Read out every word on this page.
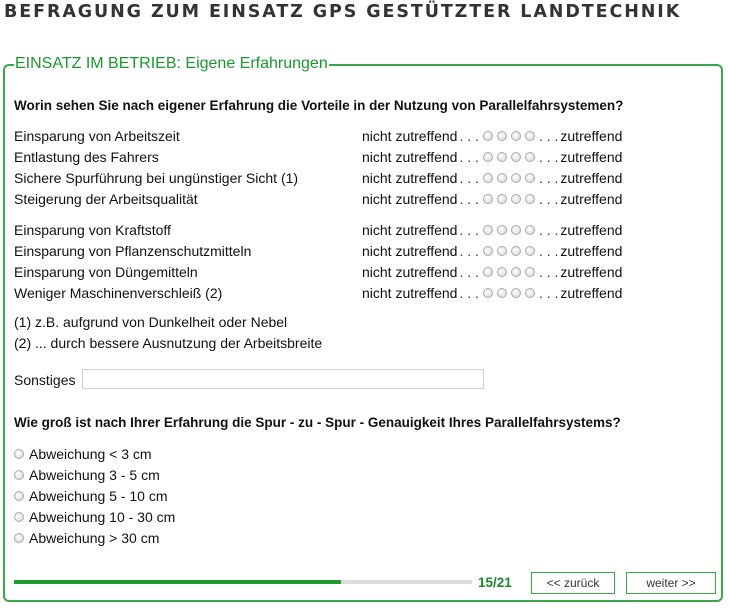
BEFRAGUNG ZUM EINSATZ GPS GESTÜTZTER LANDTECHNIK
EINSATZ IM BETRIEB: Eigene Erfahrungen
Worin sehen Sie nach eigener Erfahrung die Vorteile in der Nutzung von Parallelfahrsystemen?
Einsparung von Arbeitszeit	nicht zutreffend . . .	. . . zutreffend
Entlastung des Fahrers	nicht zutreffend . . .	. . . zutreffend
Sichere Spurführung bei ungünstiger Sicht (1)	nicht zutreffend . . .	. . . zutreffend
Steigerung der Arbeitsqualität	nicht zutreffend . . .	. . . zutreffend
Einsparung von Kraftstoff	nicht zutreffend . . .	. . . zutreffend
Einsparung von Pflanzenschutzmitteln	nicht zutreffend . . .	. . . zutreffend
Einsparung von Düngemitteln	nicht zutreffend . . .	. . . zutreffend
Weniger Maschinenverschleiß (2)	nicht zutreffend . . .	. . . zutreffend
(1) z.B. aufgrund von Dunkelheit oder Nebel
(2) ... durch bessere Ausnutzung der Arbeitsbreite
Sonstiges
Wie groß ist nach Ihrer Erfahrung die Spur - zu - Spur - Genauigkeit Ihres Parallelfahrsystems?
Abweichung < 3 cm
Abweichung 3 - 5 cm
Abweichung 5 - 10 cm
Abweichung 10 - 30 cm
Abweichung > 30 cm
15/21	<< zurück	weiter >>
